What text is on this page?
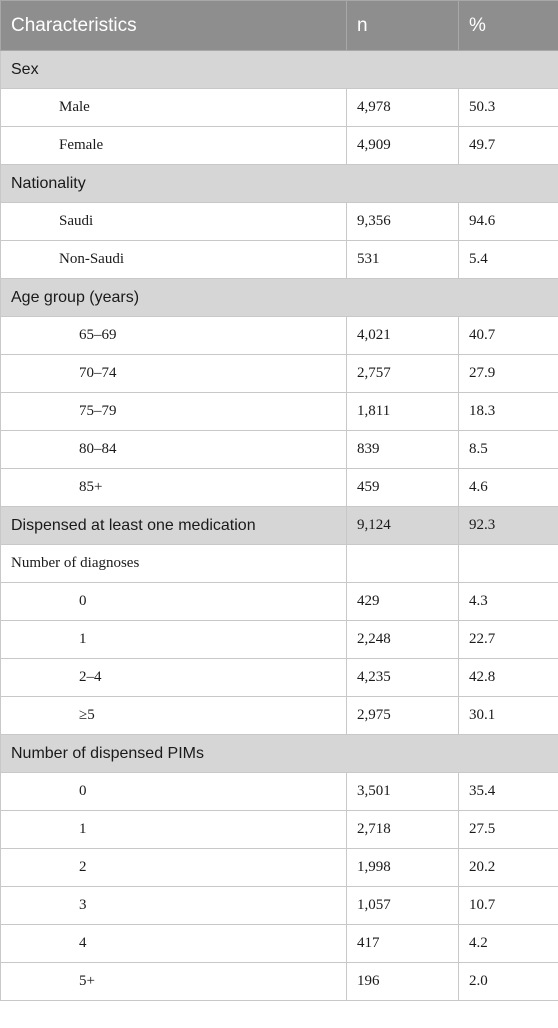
Characteristics	n	%
Sex		
Male	4,978	50.3
Female	4,909	49.7
Nationality		
Saudi	9,356	94.6
Non-Saudi	531	5.4
Age group (years)		
65–69	4,021	40.7
70–74	2,757	27.9
75–79	1,811	18.3
80–84	839	8.5
85+	459	4.6
Dispensed at least one medication	9,124	92.3
Number of diagnoses		
0	429	4.3
1	2,248	22.7
2–4	4,235	42.8
≥5	2,975	30.1
Number of dispensed PIMs		
0	3,501	35.4
1	2,718	27.5
2	1,998	20.2
3	1,057	10.7
4	417	4.2
5+	196	2.0
